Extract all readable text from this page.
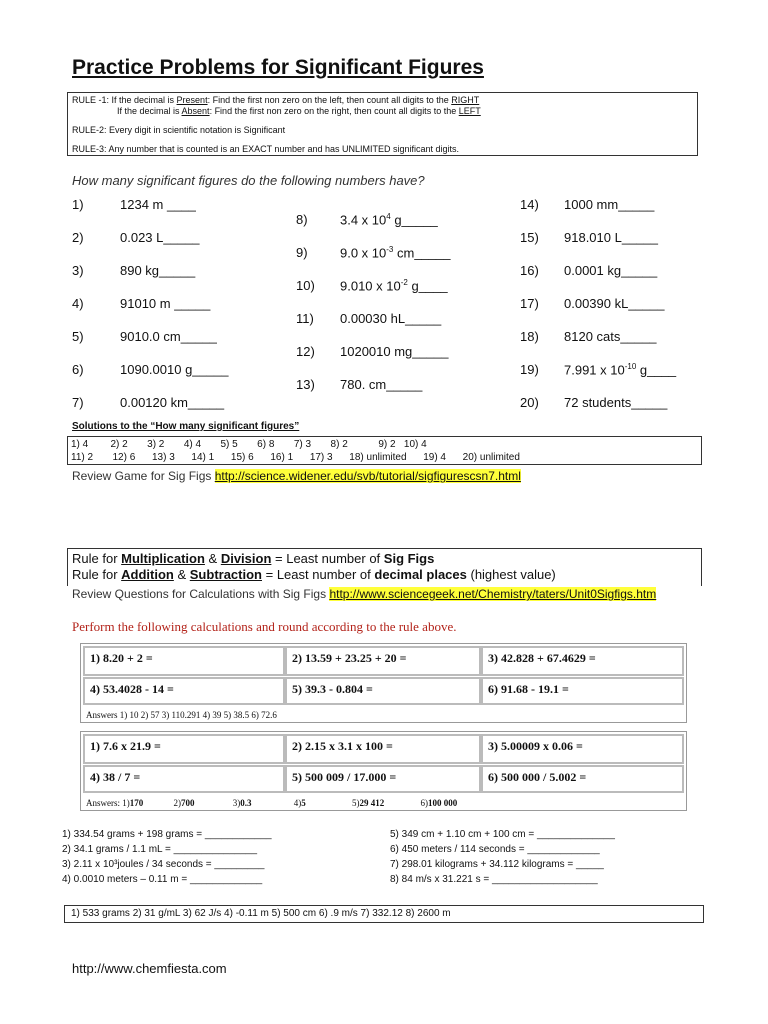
Practice Problems for Significant Figures
RULE -1: If the decimal is Present: Find the first non zero on the left, then count all digits to the RIGHT
If the decimal is Absent: Find the first non zero on the right, then count all digits to the LEFT
RULE-2: Every digit in scientific notation is Significant
RULE-3: Any number that is counted is an EXACT number and has UNLIMITED significant digits.
How many significant figures do the following numbers have?
1)	1234 m ____
2)	0.023 L_____
3)	890 kg_____
4)	91010 m _____
5)	9010.0 cm_____
6)	1090.0010 g_____
7)	0.00120 km_____
8) 3.4 x $10^4$ g_____
9) 9.0 x $10^{-3}$ cm_____
10) 9.010 x $10^{-2}$ g____
11) 0.00030 hL_____
12) 1020010 mg_____
13) 780. cm_____
14) 1000 mm_____
15) 918.010 L_____
16) 0.0001 kg_____
17) 0.00390 kL_____
18) 8120 cats_____
19) 7.991 x $10^{-10}$ g____
20) 72 students_____
Solutions to the “How many significant figures”
1) 4        2) 2       3) 2       4) 4       5) 5       6) 8       7) 3       8) 2           9) 2   10) 4
11) 2       12) 6      13) 3      14) 1      15) 6      16) 1      17) 3      18) unlimited      19) 4      20) unlimited
Review Game for Sig Figs http://science.widener.edu/svb/tutorial/sigfigurescsn7.html
Rule for Multiplication & Division = Least number of Sig Figs
Rule for Addition & Subtraction = Least number of decimal places (highest value)
Review Questions for Calculations with Sig Figs http://www.sciencegeek.net/Chemistry/taters/Unit0Sigfigs.htm
Perform the following calculations and round according to the rule above.
1) 8.20 + 2 =	2) 13.59 + 23.25 + 20 =	3) 42.828 + 67.4629 =
4) 53.4028 - 14 =	5) 39.3 - 0.804 =	6) 91.68 - 19.1 =
Answers 1) 10 2) 57 3) 110.291 4) 39 5) 38.5 6) 72.6
1) 7.6 x 21.9 =	2) 2.15 x 3.1 x 100 =	3) 5.00009 x 0.06 =
4) 38 / 7 =	5) 500 009 / 17.000 =	6) 500 000 / 5.002 =
Answers: 1)170	2)700	3)0.3	4)5	5)29 412	6)100 000
1) 334.54 grams + 198 grams = ____________
2) 34.1 grams / 1.1 mL = _______________
3) 2.11 x 10³joules / 34 seconds = _________
4) 0.0010 meters – 0.11 m = _____________
5) 349 cm + 1.10 cm + 100 cm = ______________
6) 450 meters / 114 seconds = _____________
7) 298.01 kilograms + 34.112 kilograms = _____
8) 84 m/s x 31.221 s = ___________________
1) 533 grams 2) 31 g/mL 3) 62 J/s 4) -0.11 m 5) 500 cm 6) .9 m/s 7) 332.12 8) 2600 m
http://www.chemfiesta.com
